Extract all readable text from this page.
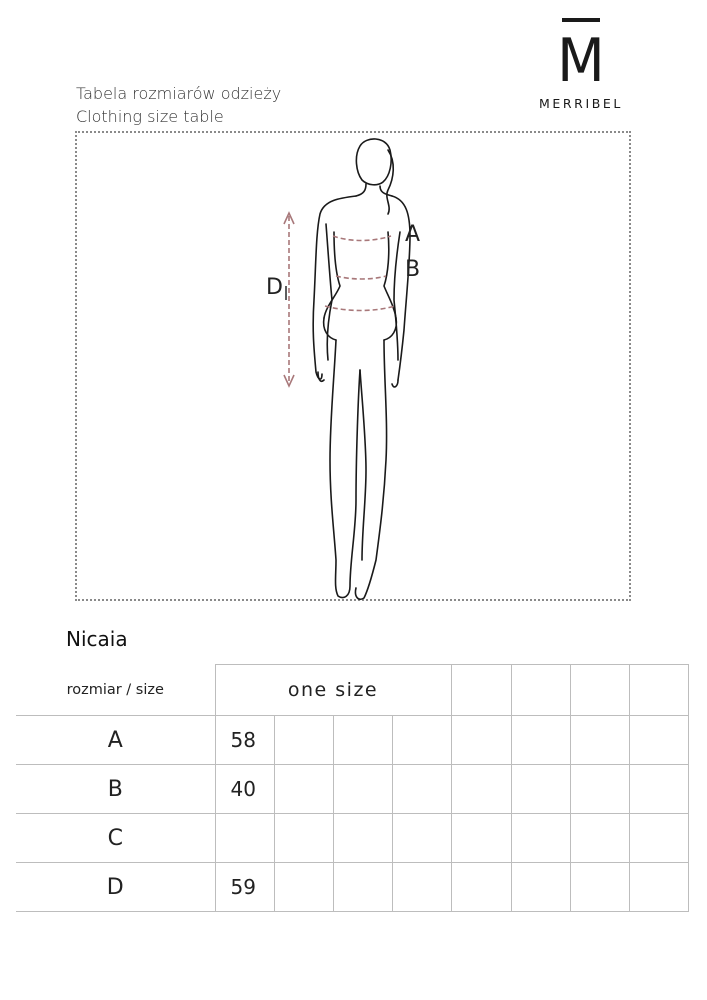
Tabela rozmiarów odzieży
Clothing size table
M
MERRIBEL
A
B
D
Nicaia
rozmiar / size	one size							
A	58							
B	40							
C								
D	59							
